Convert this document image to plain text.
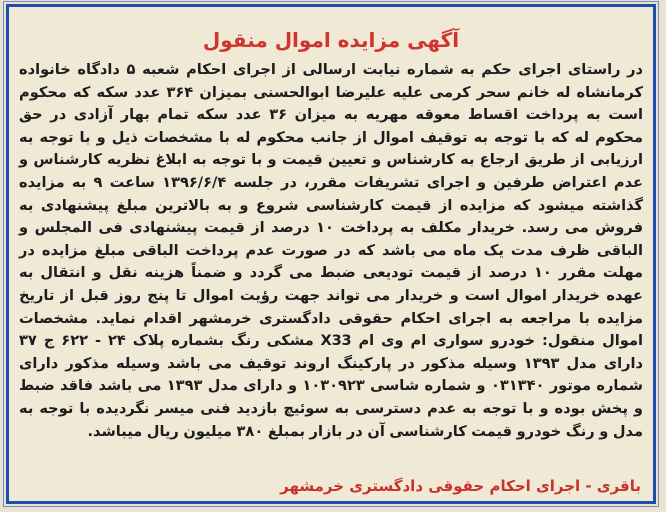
آگهی مزایده اموال منقول
در راستای اجرای حکم به شماره نیابت ارسالی از اجرای احکام شعبه ۵ دادگاه خانواده کرمانشاه له خانم سحر کرمی علیه علیرضا ابوالحسنی بمیزان ۳۶۴ عدد سکه که محکوم است به پرداخت اقساط معوقه مهریه به میزان ۳۶ عدد سکه تمام بهار آزادی در حق محکوم له که با توجه به توقیف اموال از جانب محکوم له با مشخصات ذیل و با توجه به ارزیابی از طریق ارجاع به کارشناس و تعیین قیمت و با توجه به ابلاغ نظریه کارشناس و عدم اعتراض طرفین و اجرای تشریفات مقرر، در جلسه ۱۳۹۶/۶/۴ ساعت ۹ به مزایده گذاشته میشود که مزایده از قیمت کارشناسی شروع و به بالاترین مبلغ پیشنهادی به فروش می رسد. خریدار مکلف به پرداخت ۱۰ درصد از قیمت پیشنهادی فی المجلس و الباقی ظرف مدت یک ماه می باشد که در صورت عدم پرداخت الباقی مبلغ مزایده در مهلت مقرر ۱۰ درصد از قیمت تودیعی ضبط می گردد و ضمناً هزینه نقل و انتقال به عهده خریدار اموال است و خریدار می تواند جهت رؤیت اموال تا پنج روز قبل از تاریخ مزایده با مراجعه به اجرای احکام حقوقی دادگستری خرمشهر اقدام نماید. مشخصات اموال منقول: خودرو سواری ام وی ام X33 مشکی رنگ بشماره پلاک ۲۴ - ۶۲۲ ج ۳۷ دارای مدل ۱۳۹۳ وسیله مذکور در پارکینگ اروند توقیف می باشد وسیله مذکور دارای شماره موتور ۰۳۱۳۴۰ و شماره شاسی ۱۰۳۰۹۲۳ و دارای مدل ۱۳۹۳ می باشد فاقد ضبط و پخش بوده و با توجه به عدم دسترسی به سوئیچ بازدید فنی میسر نگردیده با توجه به مدل و رنگ خودرو قیمت کارشناسی آن در بازار بمبلغ ۳۸۰ میلیون ریال میباشد.
باقری - اجرای احکام حقوقی دادگستری خرمشهر
